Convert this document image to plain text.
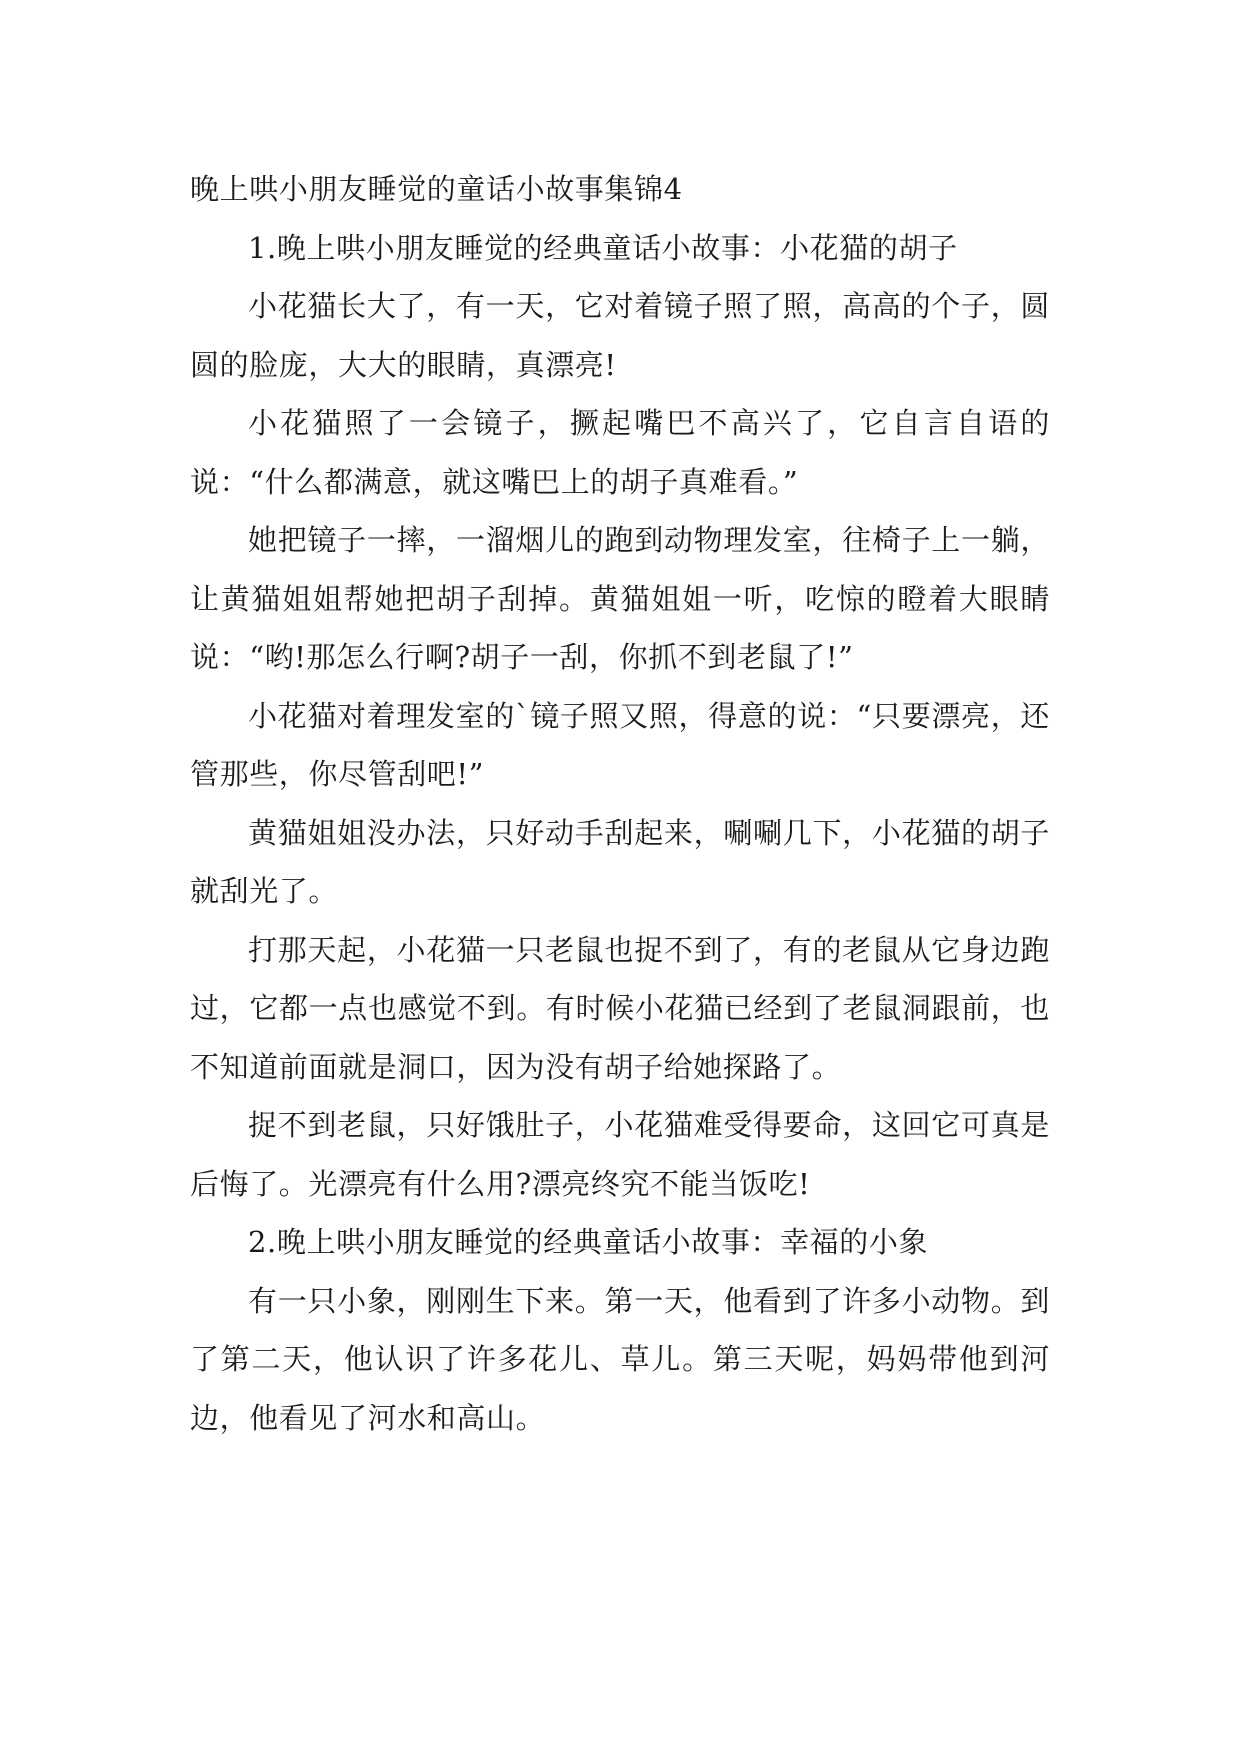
晚上哄小朋友睡觉的童话小故事集锦4

1.晚上哄小朋友睡觉的经典童话小故事：小花猫的胡子

小花猫长大了，有一天，它对着镜子照了照，高高的个子，圆圆的脸庞，大大的眼睛，真漂亮!

小花猫照了一会镜子，撅起嘴巴不高兴了，它自言自语的说：“什么都满意，就这嘴巴上的胡子真难看。”

她把镜子一摔，一溜烟儿的跑到动物理发室，往椅子上一躺，让黄猫姐姐帮她把胡子刮掉。黄猫姐姐一听，吃惊的瞪着大眼睛说：“哟!那怎么行啊?胡子一刮，你抓不到老鼠了!”

小花猫对着理发室的`镜子照又照，得意的说：“只要漂亮，还管那些，你尽管刮吧!”

黄猫姐姐没办法，只好动手刮起来，唰唰几下，小花猫的胡子就刮光了。

打那天起，小花猫一只老鼠也捉不到了，有的老鼠从它身边跑过，它都一点也感觉不到。有时候小花猫已经到了老鼠洞跟前，也不知道前面就是洞口，因为没有胡子给她探路了。

捉不到老鼠，只好饿肚子，小花猫难受得要命，这回它可真是后悔了。光漂亮有什么用?漂亮终究不能当饭吃!

2.晚上哄小朋友睡觉的经典童话小故事：幸福的小象

有一只小象，刚刚生下来。第一天，他看到了许多小动物。到了第二天，他认识了许多花儿、草儿。第三天呢，妈妈带他到河边，他看见了河水和高山。
